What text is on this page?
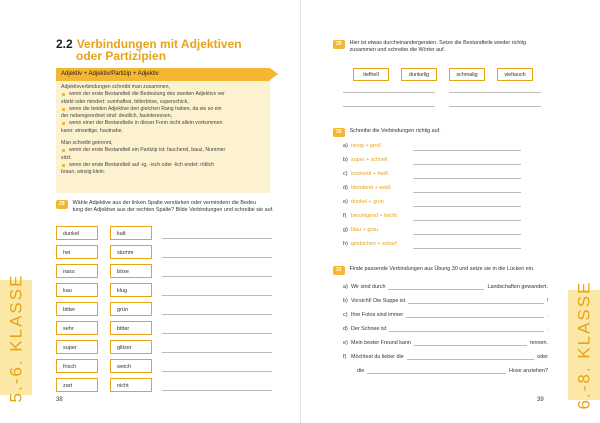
5.-6. KLASSE
2.2 Verbindungen mit Adjektiven
oder Partizipien
Adjektiv + Adjektiv/Partizip + Adjektiv
Adjektivverbindungen schreibt man zusammen,
wenn der erste Bestandteil die Bedeutung des zweiten Adjektivs ver
stärkt oder mindert: sumhafbar, bitterböse, superschick,
wenn die beiden Adjektive den gleichen Rang haben, da sie so ein
der nebengeordnet sind: deutlich, fauinteressen,
wenn einer der Bestandteile in dieser Form nicht allein vorkommen
kann: einseitige, hautnahe.
Man schreibt getrennt,
wenn der erste Bestandteil ein Partizip ist: fauchend, bauz, Nummer
sitzt.
wenn der erste Bestandteil auf -ig, -isch oder -lich endet: rötlich
braun, winzig klein.
29	Wähle Adjektive aus der linken Spalte verstärken oder vermindern die Bedeu
tung der Adjektive aus der rechten Spalte? Bilde Verbindungen und schreibe sie auf.
38
dunkel	kalt
hei	stumm
nass	böse
kau	klug
bitter	grün
sehr	bitter
super	glitzer
frisch	weich
zart	nicht	6.-8. KLASSE
29	Hier ist etwas durcheinandergeraten. Setze die Bestandteile wieder richtig
zusammen und schreibe die Wörter auf.
tiefhell	dunkelig	schmalig	vieltauch
30	Schreibe die Verbindungen richtig auf.
31	Finde passende Verbindungen aus Übung 30 und setze sie in die Lücken ein.
39
a) riesig + groß
b) super + schnell
c) kochend + heiß
d) blendend + weiß
e) dunkel + grün
f) beruhigend + leicht
g) blau + grau
h) gestochen + scharf
a) Wir sind durch	Landschaften gewandert.
b) Vorsicht! Die Suppe ist	!
c) Ihre Fotos sind immer	.
d) Der Schnee ist	.
e) Mein bester Freund kann	rennen.
f) Möchtest du lieber die	oder
die	Hose anziehen?
